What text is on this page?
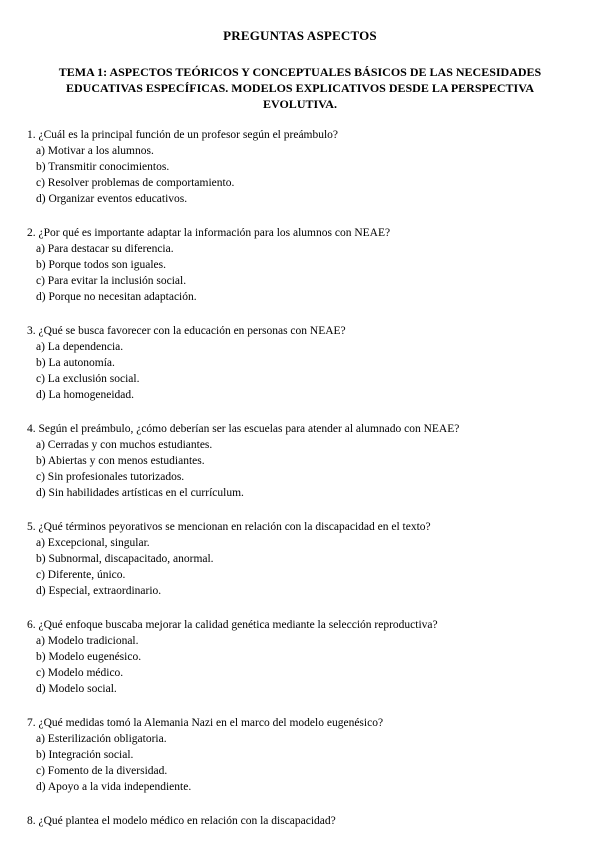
PREGUNTAS ASPECTOS
TEMA 1: ASPECTOS TEÓRICOS Y CONCEPTUALES BÁSICOS DE LAS NECESIDADES EDUCATIVAS ESPECÍFICAS. MODELOS EXPLICATIVOS DESDE LA PERSPECTIVA EVOLUTIVA.
1. ¿Cuál es la principal función de un profesor según el preámbulo?
a) Motivar a los alumnos.
b) Transmitir conocimientos.
c) Resolver problemas de comportamiento.
d) Organizar eventos educativos.
2. ¿Por qué es importante adaptar la información para los alumnos con NEAE?
a) Para destacar su diferencia.
b) Porque todos son iguales.
c) Para evitar la inclusión social.
d) Porque no necesitan adaptación.
3. ¿Qué se busca favorecer con la educación en personas con NEAE?
a) La dependencia.
b) La autonomía.
c) La exclusión social.
d) La homogeneidad.
4. Según el preámbulo, ¿cómo deberían ser las escuelas para atender al alumnado con NEAE?
a) Cerradas y con muchos estudiantes.
b) Abiertas y con menos estudiantes.
c) Sin profesionales tutorizados.
d) Sin habilidades artísticas en el currículum.
5. ¿Qué términos peyorativos se mencionan en relación con la discapacidad en el texto?
a) Excepcional, singular.
b) Subnormal, discapacitado, anormal.
c) Diferente, único.
d) Especial, extraordinario.
6. ¿Qué enfoque buscaba mejorar la calidad genética mediante la selección reproductiva?
a) Modelo tradicional.
b) Modelo eugenésico.
c) Modelo médico.
d) Modelo social.
7. ¿Qué medidas tomó la Alemania Nazi en el marco del modelo eugenésico?
a) Esterilización obligatoria.
b) Integración social.
c) Fomento de la diversidad.
d) Apoyo a la vida independiente.
8. ¿Qué plantea el modelo médico en relación con la discapacidad?
